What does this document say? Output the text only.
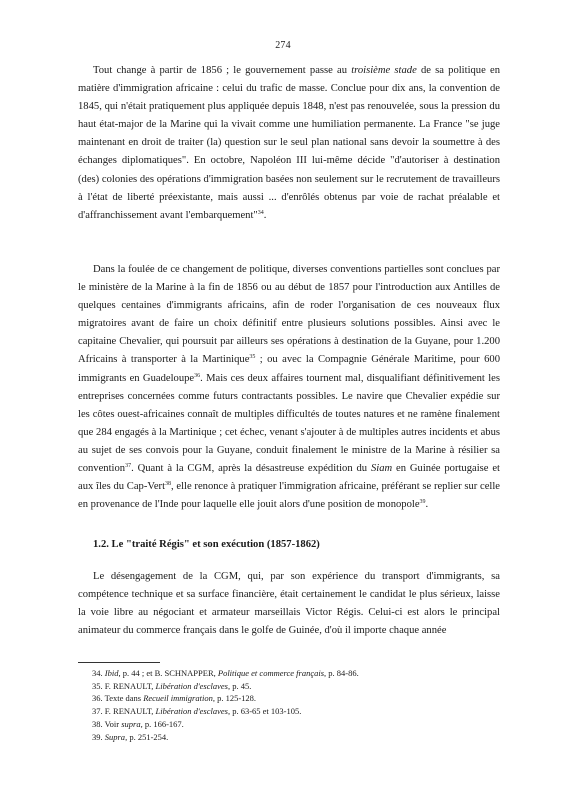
274

Tout change à partir de 1856 ; le gouvernement passe au troisième stade de sa politique en matière d'immigration africaine : celui du trafic de masse. Conclue pour dix ans, la convention de 1845, qui n'était pratiquement plus appliquée depuis 1848, n'est pas renouvelée, sous la pression du haut état-major de la Marine qui la vivait comme une humiliation permanente. La France "se juge maintenant en droit de traiter (la) question sur le seul plan national sans devoir la soumettre à des échanges diplomatiques". En octobre, Napoléon III lui-même décide "d'autoriser à destination (des) colonies des opérations d'immigration basées non seulement sur le recrutement de travailleurs à l'état de liberté préexistante, mais aussi ... d'enrôlés obtenus par voie de rachat préalable et d'affranchissement avant l'embarquement"$^{34}$.

Dans la foulée de ce changement de politique, diverses conventions partielles sont conclues par le ministère de la Marine à la fin de 1856 ou au début de 1857 pour l'introduction aux Antilles de quelques centaines d'immigrants africains, afin de roder l'organisation de ces nouveaux flux migratoires avant de faire un choix définitif entre plusieurs solutions possibles. Ainsi avec le capitaine Chevalier, qui poursuit par ailleurs ses opérations à destination de la Guyane, pour 1.200 Africains à transporter à la Martinique$^{35}$ ; ou avec la Compagnie Générale Maritime, pour 600 immigrants en Guadeloupe$^{36}$. Mais ces deux affaires tournent mal, disqualifiant définitivement les entreprises concernées comme futurs contractants possibles. Le navire que Chevalier expédie sur les côtes ouest-africaines connaît de multiples difficultés de toutes natures et ne ramène finalement que 284 engagés à la Martinique ; cet échec, venant s'ajouter à de multiples autres incidents et abus au sujet de ses convois pour la Guyane, conduit finalement le ministre de la Marine à résilier sa convention$^{37}$. Quant à la CGM, après la désastreuse expédition du Siam en Guinée portugaise et aux îles du Cap-Vert$^{38}$, elle renonce à pratiquer l'immigration africaine, préférant se replier sur celle en provenance de l'Inde pour laquelle elle jouit alors d'une position de monopole$^{39}$.

1.2. Le "traité Régis" et son exécution (1857-1862)

Le désengagement de la CGM, qui, par son expérience du transport d'immigrants, sa compétence technique et sa surface financière, était certainement le candidat le plus sérieux, laisse la voie libre au négociant et armateur marseillais Victor Régis. Celui-ci est alors le principal animateur du commerce français dans le golfe de Guinée, d'où il importe chaque année

34. Ibid, p. 44 ; et B. SCHNAPPER, Politique et commerce français, p. 84-86.
35. F. RENAULT, Libération d'esclaves, p. 45.
36. Texte dans Recueil immigration, p. 125-128.
37. F. RENAULT, Libération d'esclaves, p. 63-65 et 103-105.
38. Voir supra, p. 166-167.
39. Supra, p. 251-254.
